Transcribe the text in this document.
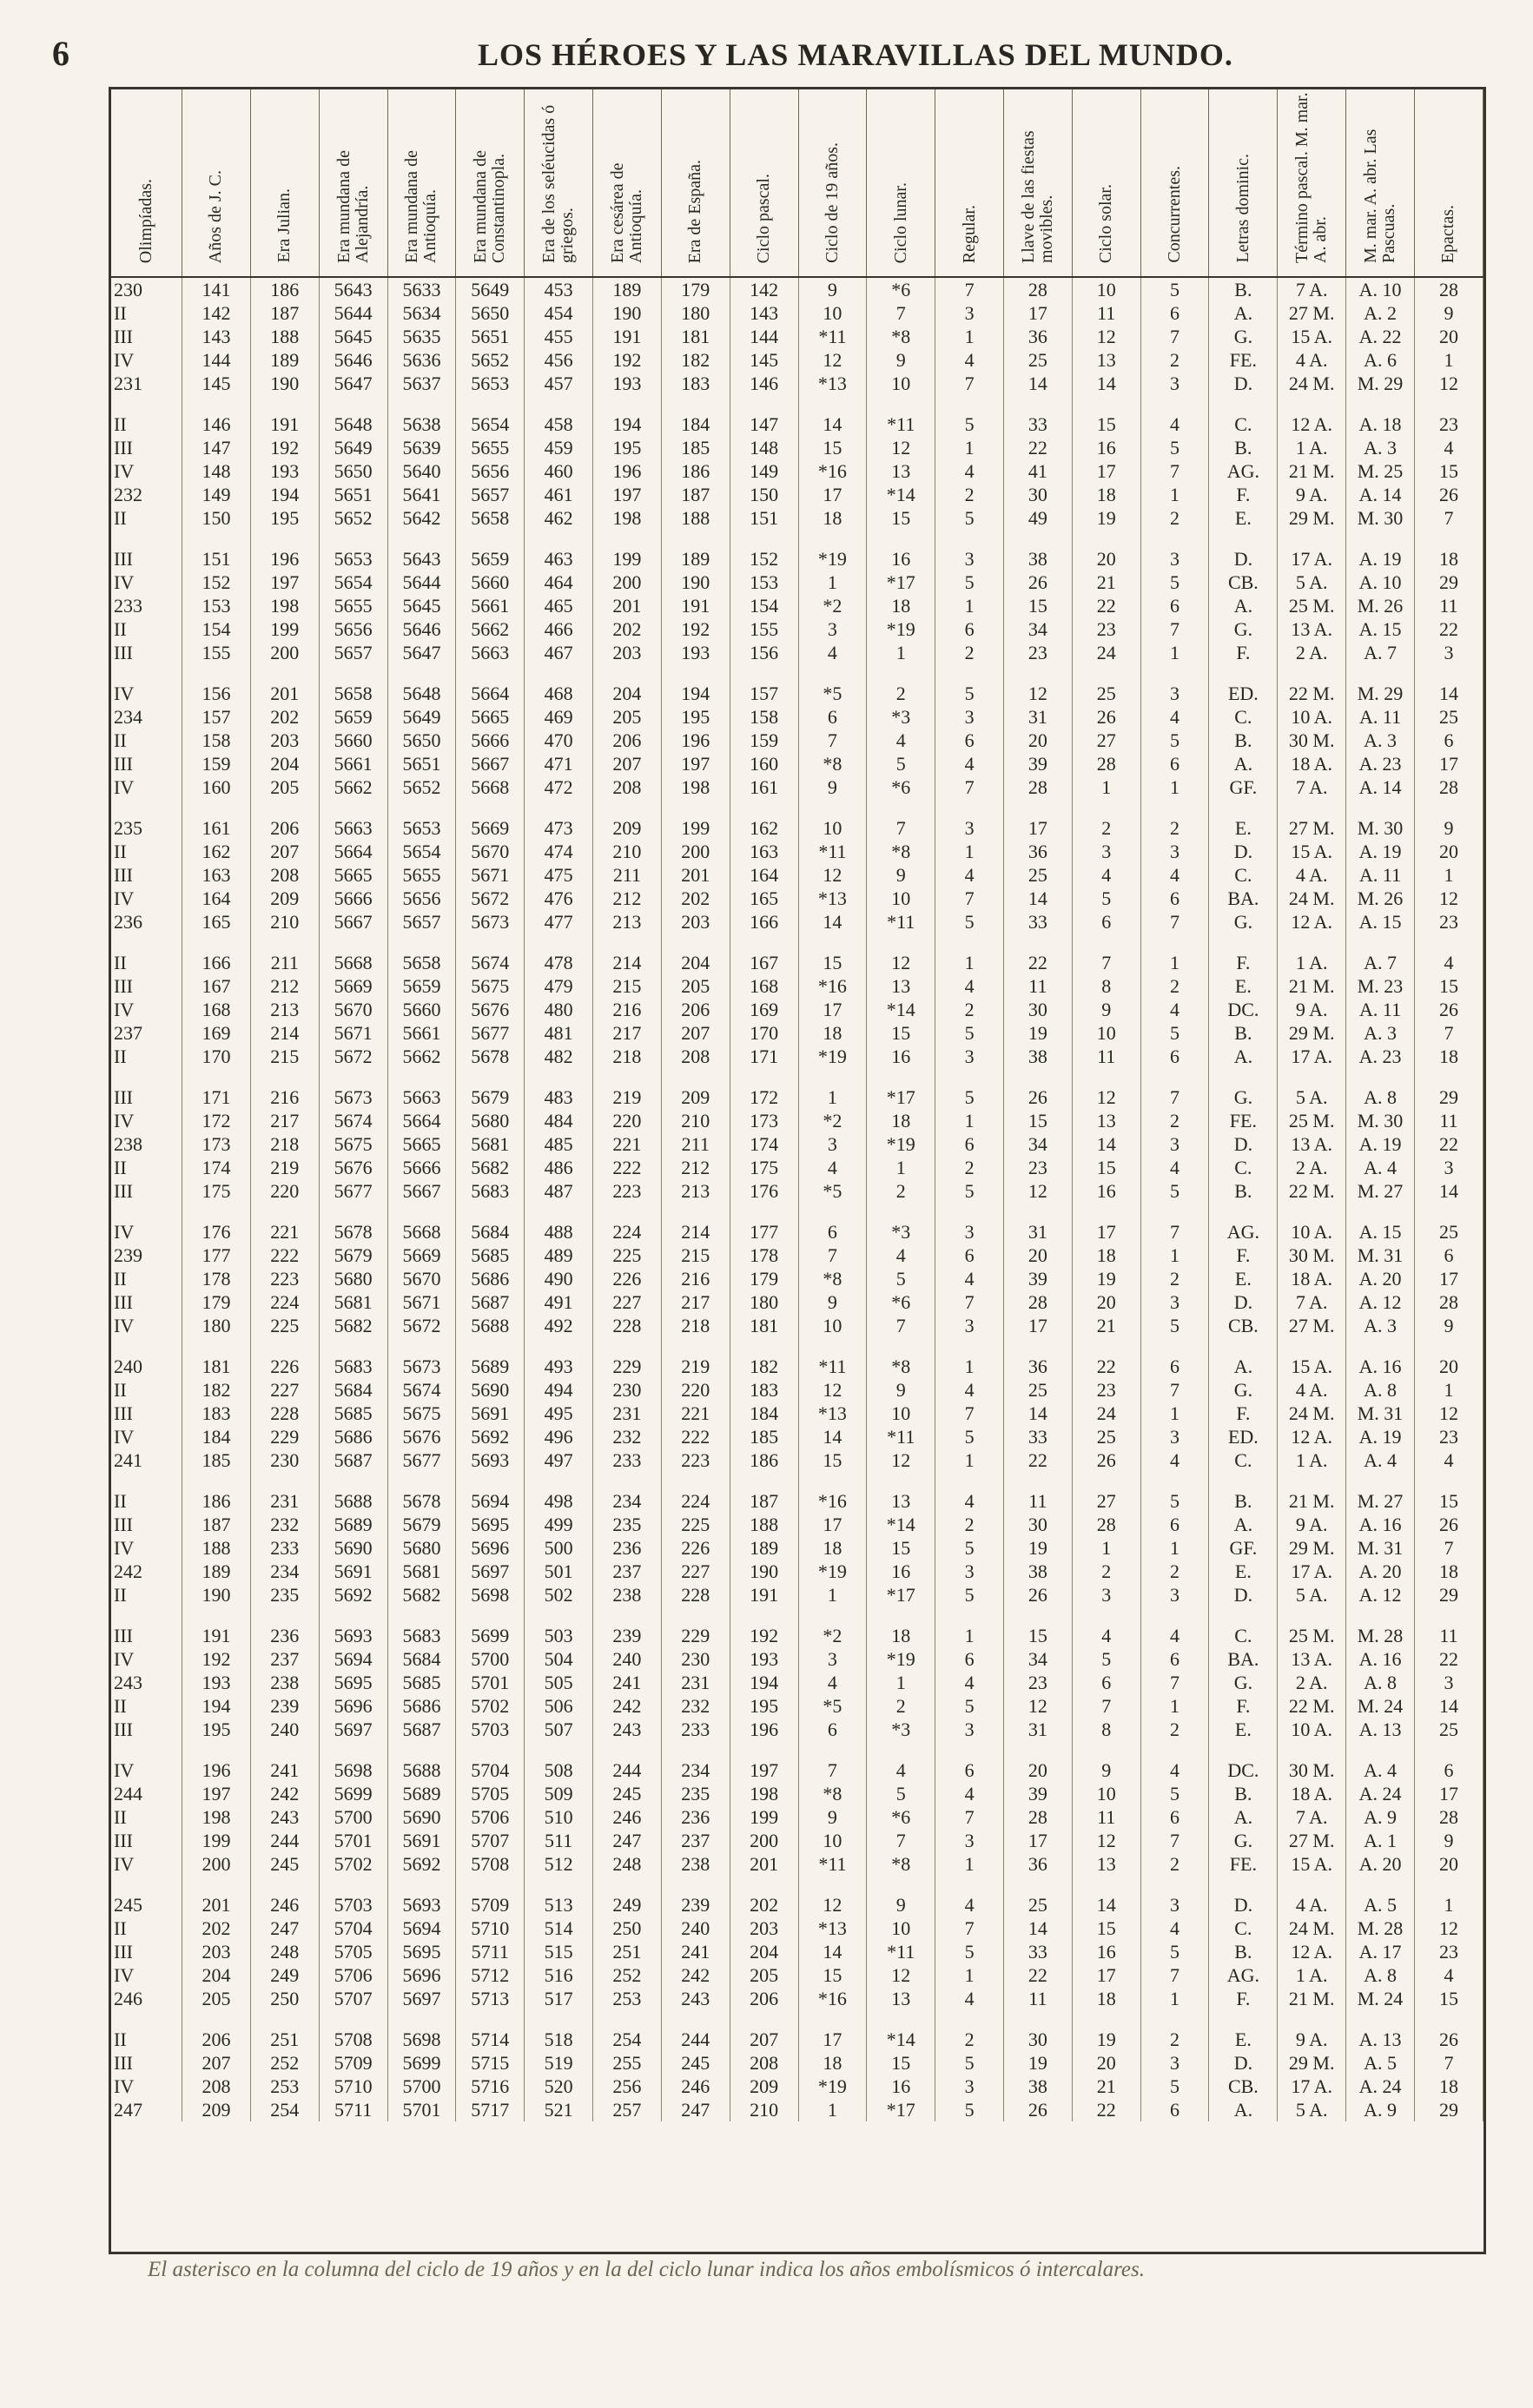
6	LOS HÉROES Y LAS MARAVILLAS DEL MUNDO.
Olimpíadas.	Años de J. C.	Era Julian.	Era mundana de Alejandría.	Era mundana de Antioquía.	Era mundana de Constantinopla.	Era de los seléucidas ó griegos.	Era cesárea de Antioquía.	Era de España.	Ciclo pascal.	Ciclo de 19 años.	Ciclo lunar.	Regular.	Llave de las fiestas movibles.	Ciclo solar.	Concurrentes.	Letras dominic.	Término pascal. M. mar. A. abr.	M. mar. A. abr. Las Pascuas.	Epactas.
230	141	186	5643	5633	5649	453	189	179	142	9	*6	7	28	10	5	B.	7 A.	A. 10	28
II	142	187	5644	5634	5650	454	190	180	143	10	7	3	17	11	6	A.	27 M.	A. 2	9
III	143	188	5645	5635	5651	455	191	181	144	*11	*8	1	36	12	7	G.	15 A.	A. 22	20
IV	144	189	5646	5636	5652	456	192	182	145	12	9	4	25	13	2	FE.	4 A.	A. 6	1
231	145	190	5647	5637	5653	457	193	183	146	*13	10	7	14	14	3	D.	24 M.	M. 29	12

II	146	191	5648	5638	5654	458	194	184	147	14	*11	5	33	15	4	C.	12 A.	A. 18	23
III	147	192	5649	5639	5655	459	195	185	148	15	12	1	22	16	5	B.	1 A.	A. 3	4
IV	148	193	5650	5640	5656	460	196	186	149	*16	13	4	41	17	7	AG.	21 M.	M. 25	15
232	149	194	5651	5641	5657	461	197	187	150	17	*14	2	30	18	1	F.	9 A.	A. 14	26
II	150	195	5652	5642	5658	462	198	188	151	18	15	5	49	19	2	E.	29 M.	M. 30	7

III	151	196	5653	5643	5659	463	199	189	152	*19	16	3	38	20	3	D.	17 A.	A. 19	18
IV	152	197	5654	5644	5660	464	200	190	153	1	*17	5	26	21	5	CB.	5 A.	A. 10	29
233	153	198	5655	5645	5661	465	201	191	154	*2	18	1	15	22	6	A.	25 M.	M. 26	11
II	154	199	5656	5646	5662	466	202	192	155	3	*19	6	34	23	7	G.	13 A.	A. 15	22
III	155	200	5657	5647	5663	467	203	193	156	4	1	2	23	24	1	F.	2 A.	A. 7	3

IV	156	201	5658	5648	5664	468	204	194	157	*5	2	5	12	25	3	ED.	22 M.	M. 29	14
234	157	202	5659	5649	5665	469	205	195	158	6	*3	3	31	26	4	C.	10 A.	A. 11	25
II	158	203	5660	5650	5666	470	206	196	159	7	4	6	20	27	5	B.	30 M.	A. 3	6
III	159	204	5661	5651	5667	471	207	197	160	*8	5	4	39	28	6	A.	18 A.	A. 23	17
IV	160	205	5662	5652	5668	472	208	198	161	9	*6	7	28	1	1	GF.	7 A.	A. 14	28

235	161	206	5663	5653	5669	473	209	199	162	10	7	3	17	2	2	E.	27 M.	M. 30	9
II	162	207	5664	5654	5670	474	210	200	163	*11	*8	1	36	3	3	D.	15 A.	A. 19	20
III	163	208	5665	5655	5671	475	211	201	164	12	9	4	25	4	4	C.	4 A.	A. 11	1
IV	164	209	5666	5656	5672	476	212	202	165	*13	10	7	14	5	6	BA.	24 M.	M. 26	12
236	165	210	5667	5657	5673	477	213	203	166	14	*11	5	33	6	7	G.	12 A.	A. 15	23

II	166	211	5668	5658	5674	478	214	204	167	15	12	1	22	7	1	F.	1 A.	A. 7	4
III	167	212	5669	5659	5675	479	215	205	168	*16	13	4	11	8	2	E.	21 M.	M. 23	15
IV	168	213	5670	5660	5676	480	216	206	169	17	*14	2	30	9	4	DC.	9 A.	A. 11	26
237	169	214	5671	5661	5677	481	217	207	170	18	15	5	19	10	5	B.	29 M.	A. 3	7
II	170	215	5672	5662	5678	482	218	208	171	*19	16	3	38	11	6	A.	17 A.	A. 23	18

III	171	216	5673	5663	5679	483	219	209	172	1	*17	5	26	12	7	G.	5 A.	A. 8	29
IV	172	217	5674	5664	5680	484	220	210	173	*2	18	1	15	13	2	FE.	25 M.	M. 30	11
238	173	218	5675	5665	5681	485	221	211	174	3	*19	6	34	14	3	D.	13 A.	A. 19	22
II	174	219	5676	5666	5682	486	222	212	175	4	1	2	23	15	4	C.	2 A.	A. 4	3
III	175	220	5677	5667	5683	487	223	213	176	*5	2	5	12	16	5	B.	22 M.	M. 27	14

IV	176	221	5678	5668	5684	488	224	214	177	6	*3	3	31	17	7	AG.	10 A.	A. 15	25
239	177	222	5679	5669	5685	489	225	215	178	7	4	6	20	18	1	F.	30 M.	M. 31	6
II	178	223	5680	5670	5686	490	226	216	179	*8	5	4	39	19	2	E.	18 A.	A. 20	17
III	179	224	5681	5671	5687	491	227	217	180	9	*6	7	28	20	3	D.	7 A.	A. 12	28
IV	180	225	5682	5672	5688	492	228	218	181	10	7	3	17	21	5	CB.	27 M.	A. 3	9

240	181	226	5683	5673	5689	493	229	219	182	*11	*8	1	36	22	6	A.	15 A.	A. 16	20
II	182	227	5684	5674	5690	494	230	220	183	12	9	4	25	23	7	G.	4 A.	A. 8	1
III	183	228	5685	5675	5691	495	231	221	184	*13	10	7	14	24	1	F.	24 M.	M. 31	12
IV	184	229	5686	5676	5692	496	232	222	185	14	*11	5	33	25	3	ED.	12 A.	A. 19	23
241	185	230	5687	5677	5693	497	233	223	186	15	12	1	22	26	4	C.	1 A.	A. 4	4

II	186	231	5688	5678	5694	498	234	224	187	*16	13	4	11	27	5	B.	21 M.	M. 27	15
III	187	232	5689	5679	5695	499	235	225	188	17	*14	2	30	28	6	A.	9 A.	A. 16	26
IV	188	233	5690	5680	5696	500	236	226	189	18	15	5	19	1	1	GF.	29 M.	M. 31	7
242	189	234	5691	5681	5697	501	237	227	190	*19	16	3	38	2	2	E.	17 A.	A. 20	18
II	190	235	5692	5682	5698	502	238	228	191	1	*17	5	26	3	3	D.	5 A.	A. 12	29

III	191	236	5693	5683	5699	503	239	229	192	*2	18	1	15	4	4	C.	25 M.	M. 28	11
IV	192	237	5694	5684	5700	504	240	230	193	3	*19	6	34	5	6	BA.	13 A.	A. 16	22
243	193	238	5695	5685	5701	505	241	231	194	4	1	4	23	6	7	G.	2 A.	A. 8	3
II	194	239	5696	5686	5702	506	242	232	195	*5	2	5	12	7	1	F.	22 M.	M. 24	14
III	195	240	5697	5687	5703	507	243	233	196	6	*3	3	31	8	2	E.	10 A.	A. 13	25

IV	196	241	5698	5688	5704	508	244	234	197	7	4	6	20	9	4	DC.	30 M.	A. 4	6
244	197	242	5699	5689	5705	509	245	235	198	*8	5	4	39	10	5	B.	18 A.	A. 24	17
II	198	243	5700	5690	5706	510	246	236	199	9	*6	7	28	11	6	A.	7 A.	A. 9	28
III	199	244	5701	5691	5707	511	247	237	200	10	7	3	17	12	7	G.	27 M.	A. 1	9
IV	200	245	5702	5692	5708	512	248	238	201	*11	*8	1	36	13	2	FE.	15 A.	A. 20	20

245	201	246	5703	5693	5709	513	249	239	202	12	9	4	25	14	3	D.	4 A.	A. 5	1
II	202	247	5704	5694	5710	514	250	240	203	*13	10	7	14	15	4	C.	24 M.	M. 28	12
III	203	248	5705	5695	5711	515	251	241	204	14	*11	5	33	16	5	B.	12 A.	A. 17	23
IV	204	249	5706	5696	5712	516	252	242	205	15	12	1	22	17	7	AG.	1 A.	A. 8	4
246	205	250	5707	5697	5713	517	253	243	206	*16	13	4	11	18	1	F.	21 M.	M. 24	15

II	206	251	5708	5698	5714	518	254	244	207	17	*14	2	30	19	2	E.	9 A.	A. 13	26
III	207	252	5709	5699	5715	519	255	245	208	18	15	5	19	20	3	D.	29 M.	A. 5	7
IV	208	253	5710	5700	5716	520	256	246	209	*19	16	3	38	21	5	CB.	17 A.	A. 24	18
247	209	254	5711	5701	5717	521	257	247	210	1	*17	5	26	22	6	A.	5 A.	A. 9	29
El asterisco en la columna del ciclo de 19 años y en la del ciclo lunar indica los años embolísmicos ó intercalares.
